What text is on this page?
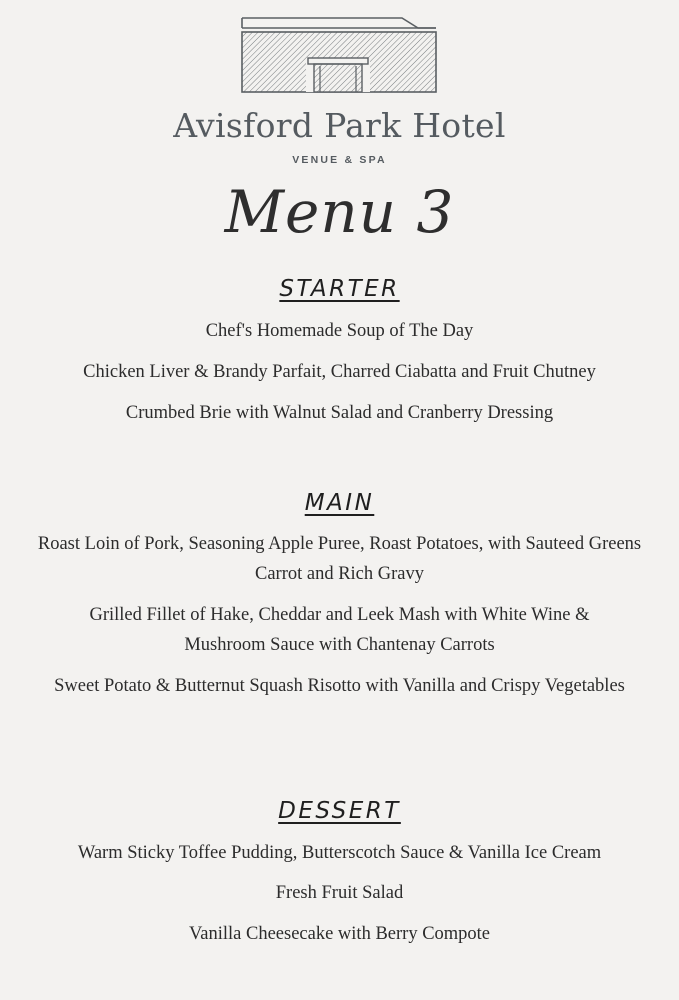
Avisford Park Hotel
VENUE & SPA
Menu 3
STARTER
Chef's Homemade Soup of The Day
Chicken Liver & Brandy Parfait, Charred Ciabatta and Fruit Chutney
Crumbed Brie with Walnut Salad and Cranberry Dressing
MAIN
Roast Loin of Pork, Seasoning Apple Puree, Roast Potatoes, with Sauteed Greens Carrot and Rich Gravy
Grilled Fillet of Hake, Cheddar and Leek Mash with White Wine & Mushroom Sauce with Chantenay Carrots
Sweet Potato & Butternut Squash Risotto with Vanilla and Crispy Vegetables
DESSERT
Warm Sticky Toffee Pudding, Butterscotch Sauce & Vanilla Ice Cream
Fresh Fruit Salad
Vanilla Cheesecake with Berry Compote
